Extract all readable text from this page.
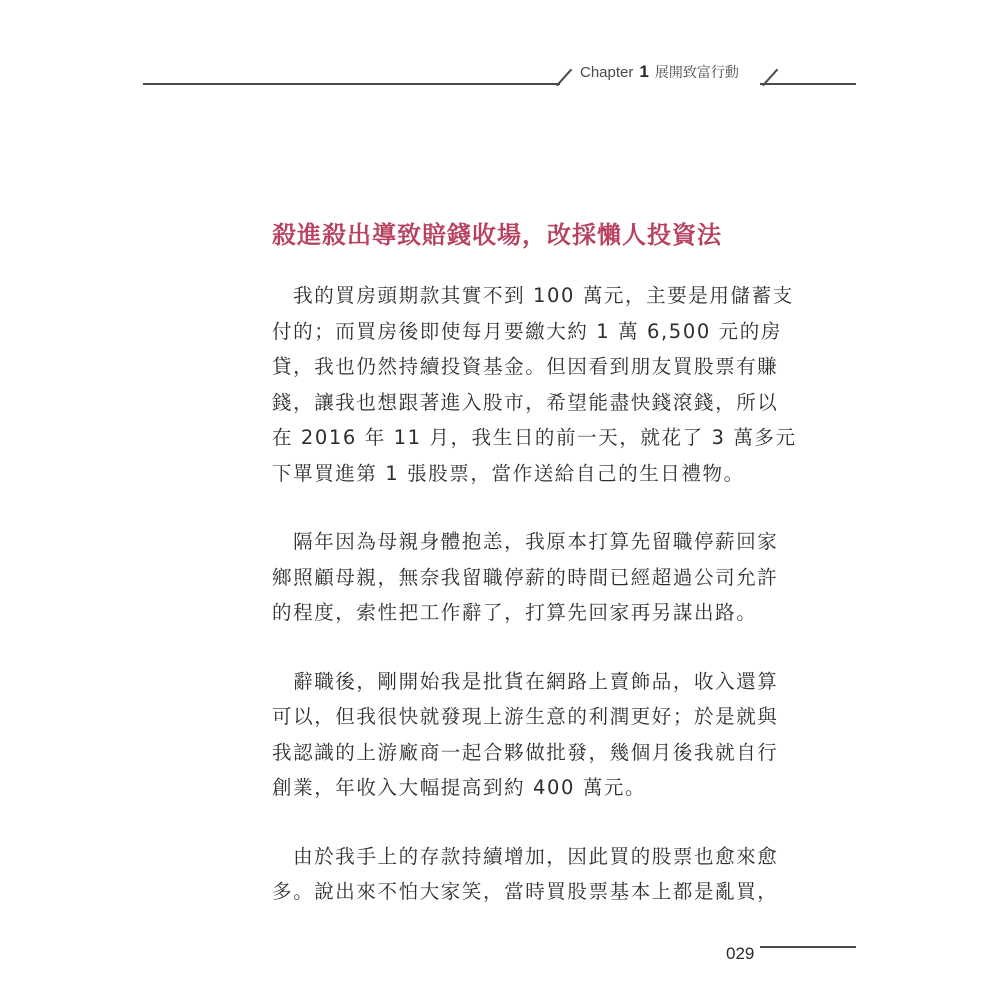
Chapter 1 展開致富行動
殺進殺出導致賠錢收場，改採懶人投資法

　我的買房頭期款其實不到 100 萬元，主要是用儲蓄支
付的；而買房後即使每月要繳大約 1 萬 6,500 元的房
貸，我也仍然持續投資基金。但因看到朋友買股票有賺
錢，讓我也想跟著進入股市，希望能盡快錢滾錢，所以
在 2016 年 11 月，我生日的前一天，就花了 3 萬多元
下單買進第 1 張股票，當作送給自己的生日禮物。

　隔年因為母親身體抱恙，我原本打算先留職停薪回家
鄉照顧母親，無奈我留職停薪的時間已經超過公司允許
的程度，索性把工作辭了，打算先回家再另謀出路。

　辭職後，剛開始我是批貨在網路上賣飾品，收入還算
可以，但我很快就發現上游生意的利潤更好；於是就與
我認識的上游廠商一起合夥做批發，幾個月後我就自行
創業，年收入大幅提高到約 400 萬元。

　由於我手上的存款持續增加，因此買的股票也愈來愈
多。說出來不怕大家笑，當時買股票基本上都是亂買，

029
